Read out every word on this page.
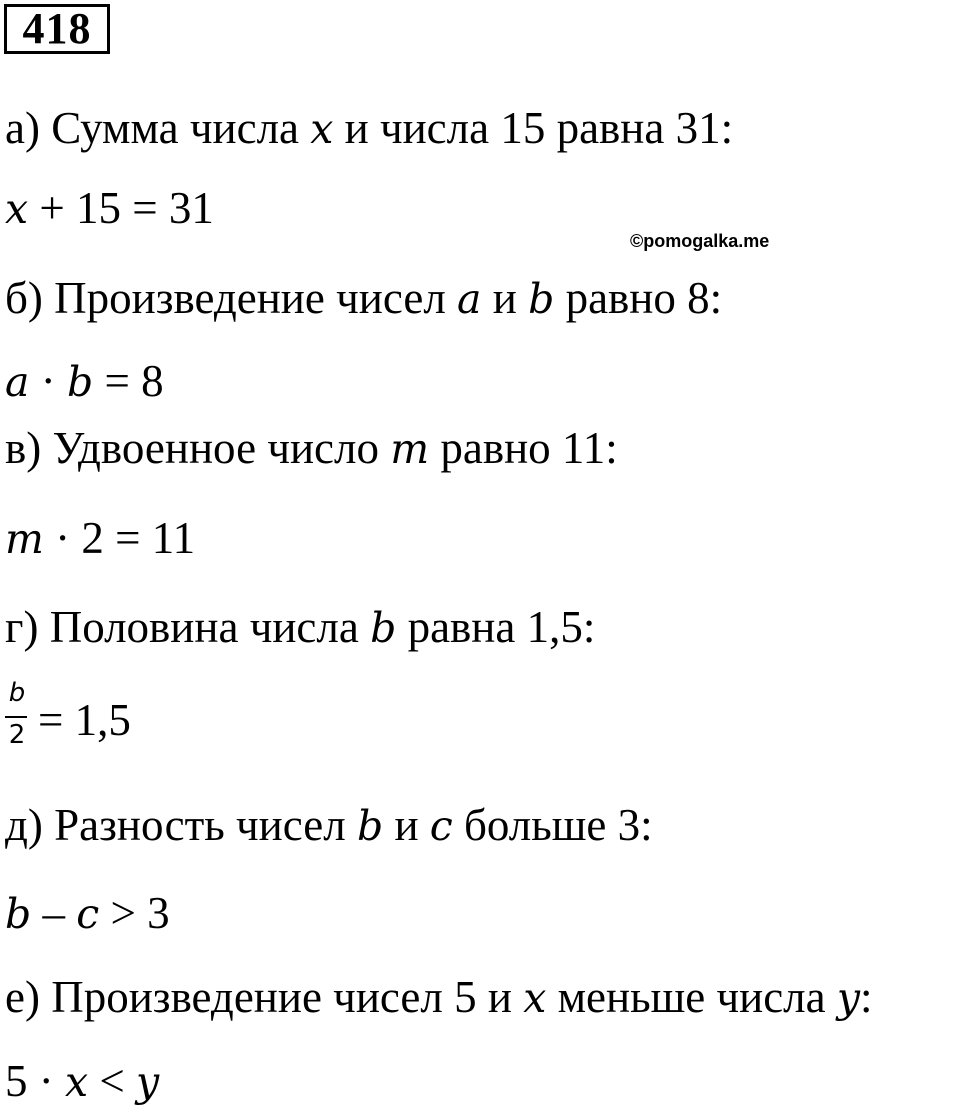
418
а) Сумма числа x и числа 15 равна 31:
x + 15 = 31
©pomogalka.me
б) Произведение чисел a и b равно 8:
a · b = 8
в) Удвоенное число m равно 11:
m · 2 = 11
г) Половина числа b равна 1,5:
b
2 = 1,5
д) Разность чисел b и c больше 3:
b – c > 3
е) Произведение чисел 5 и x меньше числа y:
5 · x < y
